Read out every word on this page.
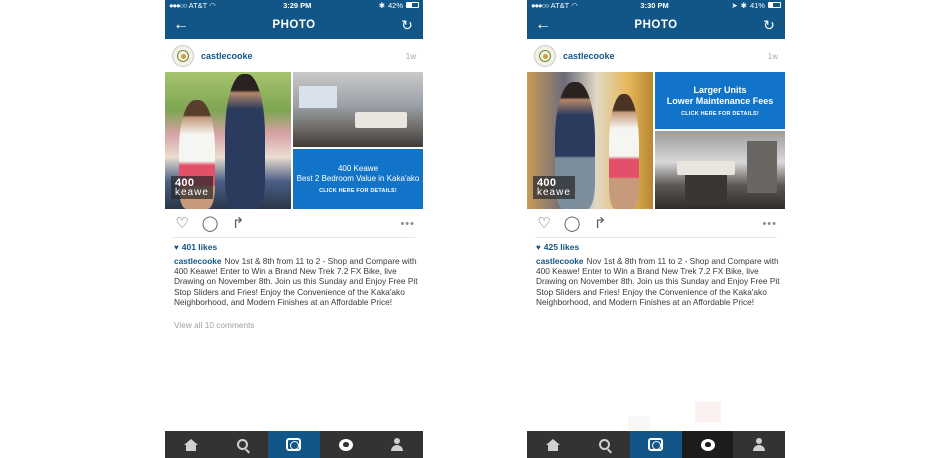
●●●○○ AT&T ◠	3:29 PM	✱ 42%
←	PHOTO	↻
castlecooke	1w
400
keawe
400 Keawe
Best 2 Bedroom Value in Kaka'ako
CLICK HERE FOR DETAILS!
♡ ◯ ↱	•••
♥ 401 likes
castlecooke Nov 1st & 8th from 11 to 2 - Shop and Compare with 400 Keawe! Enter to Win a Brand New Trek 7.2 FX Bike, live Drawing on November 8th. Join us this Sunday and Enjoy Free Pit Stop Sliders and Fries! Enjoy the Convenience of the Kaka'ako Neighborhood, and Modern Finishes at an Affordable Price!
View all 10 comments
●●●○○ AT&T ◠	3:30 PM	➤ ✱ 41%
←	PHOTO	↻
castlecooke	1w
400
keawe
Larger Units
Lower Maintenance Fees
CLICK HERE FOR DETAILS!
♡ ◯ ↱	•••
♥ 425 likes
castlecooke Nov 1st & 8th from 11 to 2 - Shop and Compare with 400 Keawe! Enter to Win a Brand New Trek 7.2 FX Bike, live Drawing on November 8th. Join us this Sunday and Enjoy Free Pit Stop Sliders and Fries! Enjoy the Convenience of the Kaka'ako Neighborhood, and Modern Finishes at an Affordable Price!
